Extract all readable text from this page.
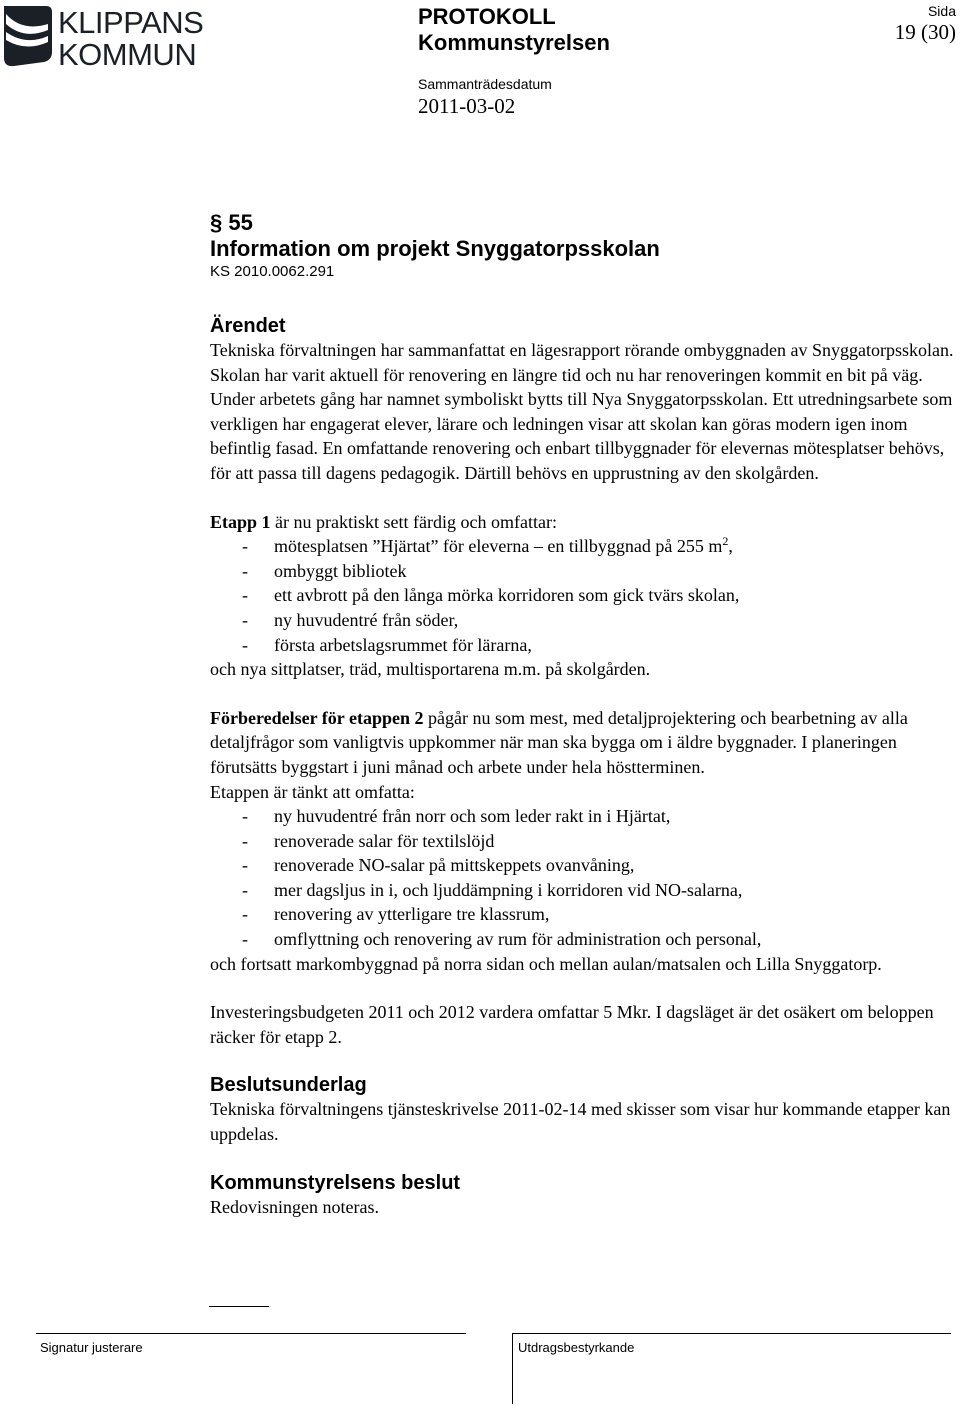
KLIPPANS
KOMMUN
PROTOKOLL
Kommunstyrelsen
Sammanträdesdatum
2011-03-02
Sida
19 (30)
§ 55
Information om projekt Snyggatorpsskolan
KS 2010.0062.291
Ärendet

Tekniska förvaltningen har sammanfattat en lägesrapport rörande ombyggnaden av Snyggatorpsskolan. Skolan har varit aktuell för renovering en längre tid och nu har renoveringen kommit en bit på väg. Under arbetets gång har namnet symboliskt bytts till Nya Snyggatorpsskolan. Ett utredningsarbete som verkligen har engagerat elever, lärare och ledningen visar att skolan kan göras modern igen inom befintlig fasad. En omfattande renovering och enbart tillbyggnader för elevernas mötesplatser behövs, för att passa till dagens pedagogik. Därtill behövs en upprustning av den skolgården.

Etapp 1 är nu praktiskt sett färdig och omfattar:

- mötesplatsen ”Hjärtat” för eleverna – en tillbyggnad på 255 $m^2$,
- ombyggt bibliotek
- ett avbrott på den långa mörka korridoren som gick tvärs skolan,
- ny huvudentré från söder,
- första arbetslagsrummet för lärarna,

och nya sittplatser, träd, multisportarena m.m. på skolgården.

Förberedelser för etappen 2 pågår nu som mest, med detaljprojektering och bearbetning av alla detaljfrågor som vanligtvis uppkommer när man ska bygga om i äldre byggnader. I planeringen förutsätts byggstart i juni månad och arbete under hela höstterminen.

Etappen är tänkt att omfatta:

- ny huvudentré från norr och som leder rakt in i Hjärtat,
- renoverade salar för textilslöjd
- renoverade NO-salar på mittskeppets ovanvåning,
- mer dagsljus in i, och ljuddämpning i korridoren vid NO-salarna,
- renovering av ytterligare tre klassrum,
- omflyttning och renovering av rum för administration och personal,

och fortsatt markombyggnad på norra sidan och mellan aulan/matsalen och Lilla Snyggatorp.

Investeringsbudgeten 2011 och 2012 vardera omfattar 5 Mkr. I dagsläget är det osäkert om beloppen räcker för etapp 2.

Beslutsunderlag

Tekniska förvaltningens tjänsteskrivelse 2011-02-14 med skisser som visar hur kommande etapper kan uppdelas.

Kommunstyrelsens beslut

Redovisningen noteras.

Signatur justerare	Utdragsbestyrkande
